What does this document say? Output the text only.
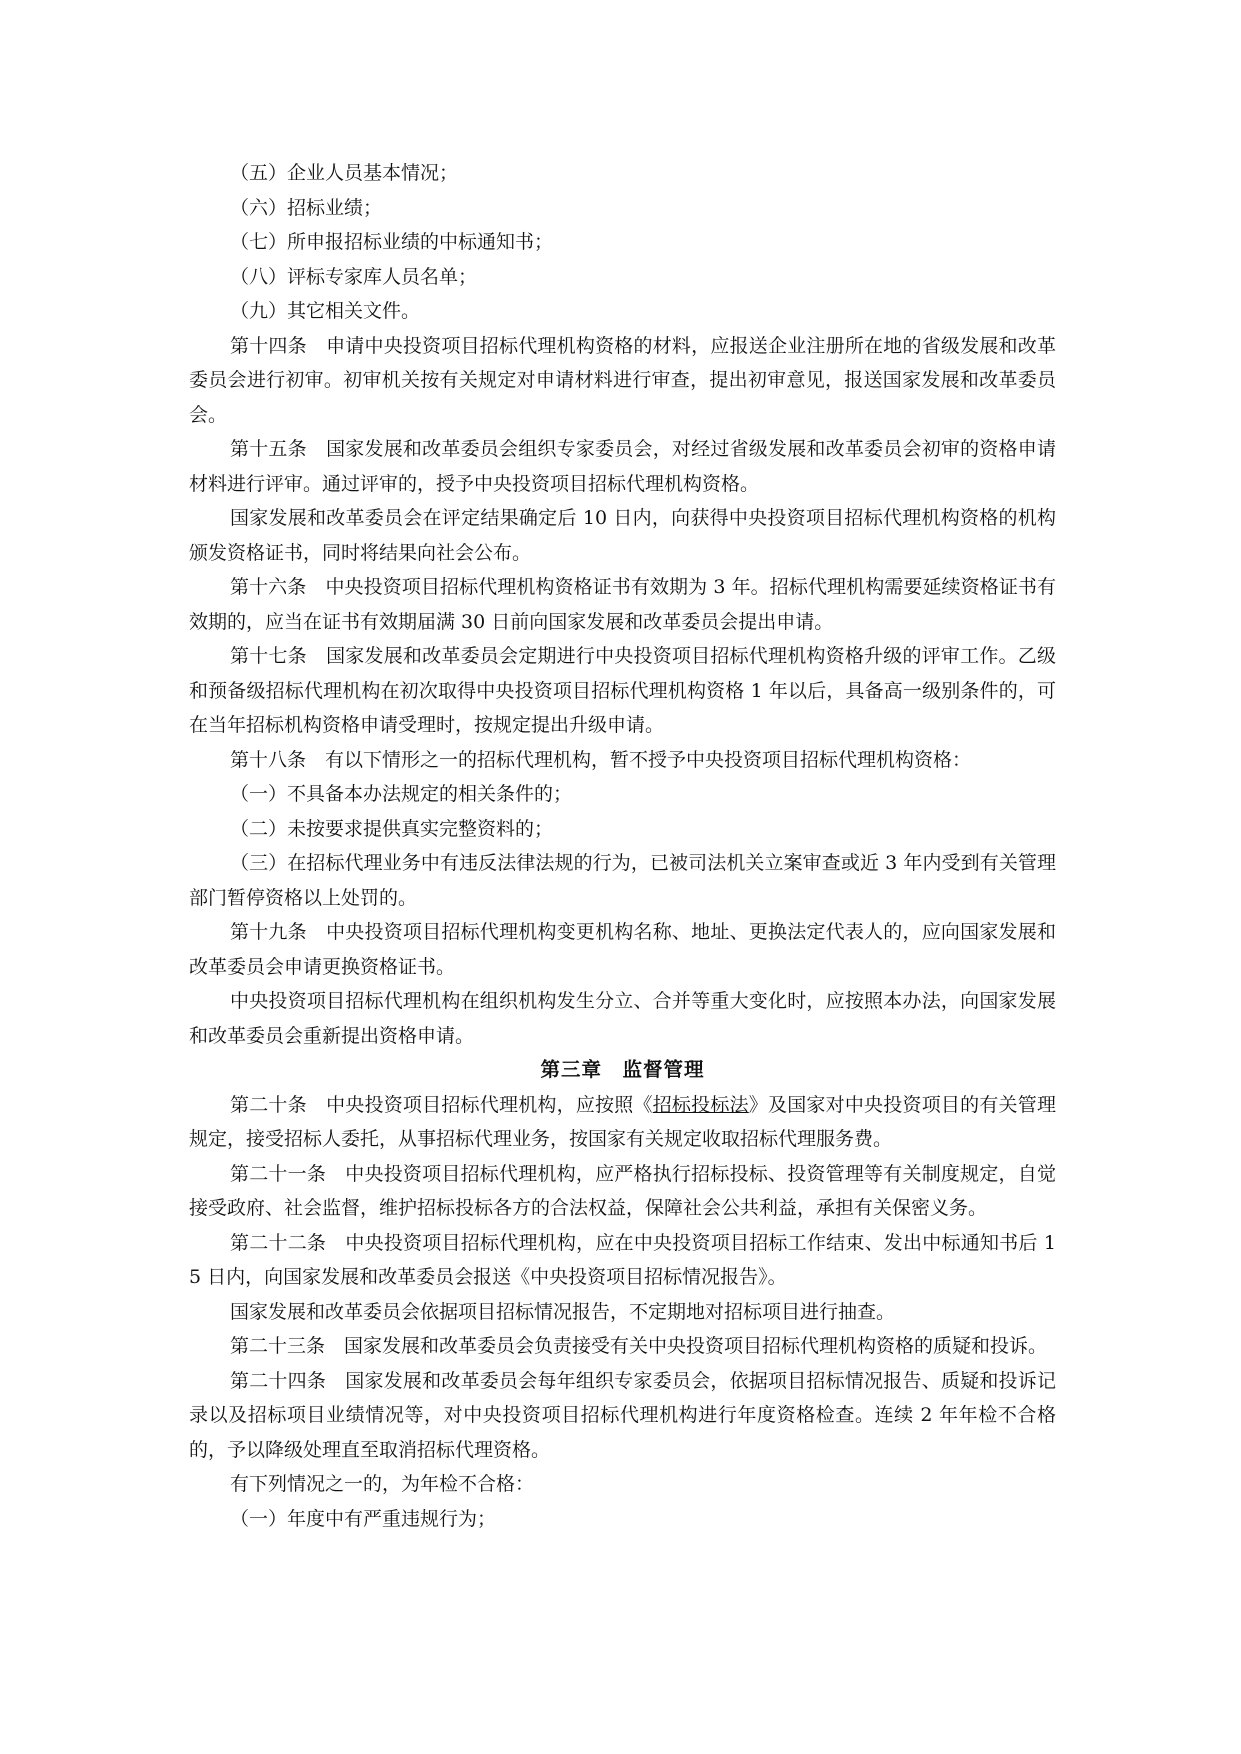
（五）企业人员基本情况；

（六）招标业绩；

（七）所申报招标业绩的中标通知书；

（八）评标专家库人员名单；

（九）其它相关文件。

第十四条　申请中央投资项目招标代理机构资格的材料，应报送企业注册所在地的省级发展和改革委员会进行初审。初审机关按有关规定对申请材料进行审查，提出初审意见，报送国家发展和改革委员会。

第十五条　国家发展和改革委员会组织专家委员会，对经过省级发展和改革委员会初审的资格申请材料进行评审。通过评审的，授予中央投资项目招标代理机构资格。

国家发展和改革委员会在评定结果确定后 10 日内，向获得中央投资项目招标代理机构资格的机构颁发资格证书，同时将结果向社会公布。

第十六条　中央投资项目招标代理机构资格证书有效期为 3 年。招标代理机构需要延续资格证书有效期的，应当在证书有效期届满 30 日前向国家发展和改革委员会提出申请。

第十七条　国家发展和改革委员会定期进行中央投资项目招标代理机构资格升级的评审工作。乙级和预备级招标代理机构在初次取得中央投资项目招标代理机构资格 1 年以后，具备高一级别条件的，可在当年招标机构资格申请受理时，按规定提出升级申请。

第十八条　有以下情形之一的招标代理机构，暂不授予中央投资项目招标代理机构资格：

（一）不具备本办法规定的相关条件的；

（二）未按要求提供真实完整资料的；

（三）在招标代理业务中有违反法律法规的行为，已被司法机关立案审查或近 3 年内受到有关管理部门暂停资格以上处罚的。

第十九条　中央投资项目招标代理机构变更机构名称、地址、更换法定代表人的，应向国家发展和改革委员会申请更换资格证书。

中央投资项目招标代理机构在组织机构发生分立、合并等重大变化时，应按照本办法，向国家发展和改革委员会重新提出资格申请。

第三章　监督管理

第二十条　中央投资项目招标代理机构，应按照《招标投标法》及国家对中央投资项目的有关管理规定，接受招标人委托，从事招标代理业务，按国家有关规定收取招标代理服务费。

第二十一条　中央投资项目招标代理机构，应严格执行招标投标、投资管理等有关制度规定，自觉接受政府、社会监督，维护招标投标各方的合法权益，保障社会公共利益，承担有关保密义务。

第二十二条　中央投资项目招标代理机构，应在中央投资项目招标工作结束、发出中标通知书后 15 日内，向国家发展和改革委员会报送《中央投资项目招标情况报告》。

国家发展和改革委员会依据项目招标情况报告，不定期地对招标项目进行抽查。

第二十三条　国家发展和改革委员会负责接受有关中央投资项目招标代理机构资格的质疑和投诉。

第二十四条　国家发展和改革委员会每年组织专家委员会，依据项目招标情况报告、质疑和投诉记录以及招标项目业绩情况等，对中央投资项目招标代理机构进行年度资格检查。连续 2 年年检不合格的，予以降级处理直至取消招标代理资格。

有下列情况之一的，为年检不合格：

（一）年度中有严重违规行为；
